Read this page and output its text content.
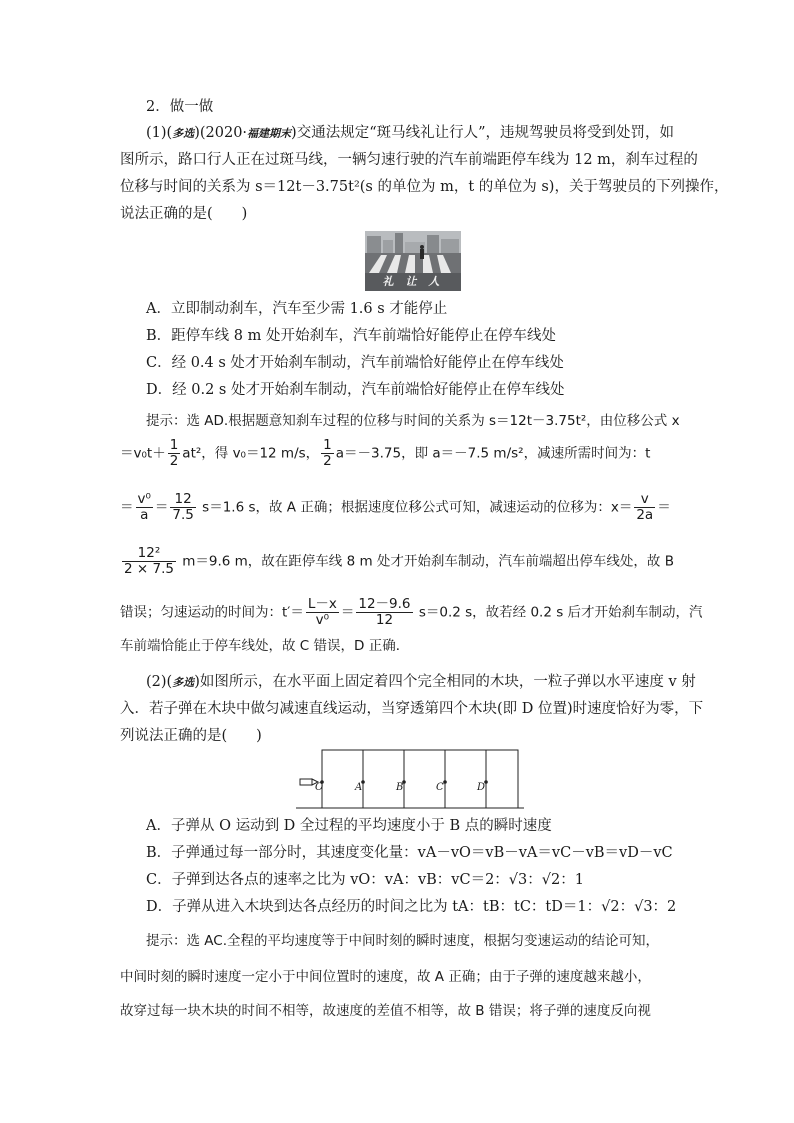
2．做一做
(1)(多选)(2020·福建期末)交通法规定“斑马线礼让行人”，违规驾驶员将受到处罚，如
图所示，路口行人正在过斑马线，一辆匀速行驶的汽车前端距停车线为 12 m，刹车过程的
位移与时间的关系为 s＝12t－3.75t²(s 的单位为 m，t 的单位为 s)，关于驾驶员的下列操作，
说法正确的是(　　)
礼 让 人
A．立即制动刹车，汽车至少需 1.6 s 才能停止
B．距停车线 8 m 处开始刹车，汽车前端恰好能停止在停车线处
C．经 0.4 s 处才开始刹车制动，汽车前端恰好能停止在停车线处
D．经 0.2 s 处才开始刹车制动，汽车前端恰好能停止在停车线处
提示：选 AD.根据题意知刹车过程的位移与时间的关系为 s＝12t－3.75t²，由位移公式 x
$=v_0t+ \frac{1}{2} at^2$，得 v₀＝12 m/s， $\frac{1}{2} a=-3.75$，即 a＝－7.5 m/s²，减速所需时间为：t
＝ $\frac{\text{v⁰}}{a} = \frac{12}{7.5} s=1.6$ s，故 A 正确；根据速度位移公式可知，减速运动的位移为：$x= \frac{v}{2a}$ ＝
$\frac{\text{12²}}{2 \times 7.5} m=9.6$ m，故在距停车线 8 m 处才开始刹车制动，汽车前端超出停车线处，故 B
错误；匀速运动的时间为：$t'= \frac{L-x}{\text{v⁰}} = \frac{12-9.6}{12} s=0.2$ s，故若经 0.2 s 后才开始刹车制动，汽
车前端恰能止于停车线处，故 C 错误，D 正确．
(2)(多选)如图所示，在水平面上固定着四个完全相同的木块，一粒子弹以水平速度 v 射
入．若子弹在木块中做匀减速直线运动，当穿透第四个木块(即 D 位置)时速度恰好为零，下
列说法正确的是(　　)
O	A	B	C	D
A．子弹从 O 运动到 D 全过程的平均速度小于 B 点的瞬时速度
B．子弹通过每一部分时，其速度变化量：vA－vO＝vB－vA＝vC－vB＝vD－vC
C．子弹到达各点的速率之比为 vO：vA：vB：vC＝2：√3：√2：1
D．子弹从进入木块到达各点经历的时间之比为 tA：tB：tC：tD＝1：√2：√3：2
提示：选 AC.全程的平均速度等于中间时刻的瞬时速度，根据匀变速运动的结论可知，
中间时刻的瞬时速度一定小于中间位置时的速度，故 A 正确；由于子弹的速度越来越小，
故穿过每一块木块的时间不相等，故速度的差值不相等，故 B 错误；将子弹的速度反向视
